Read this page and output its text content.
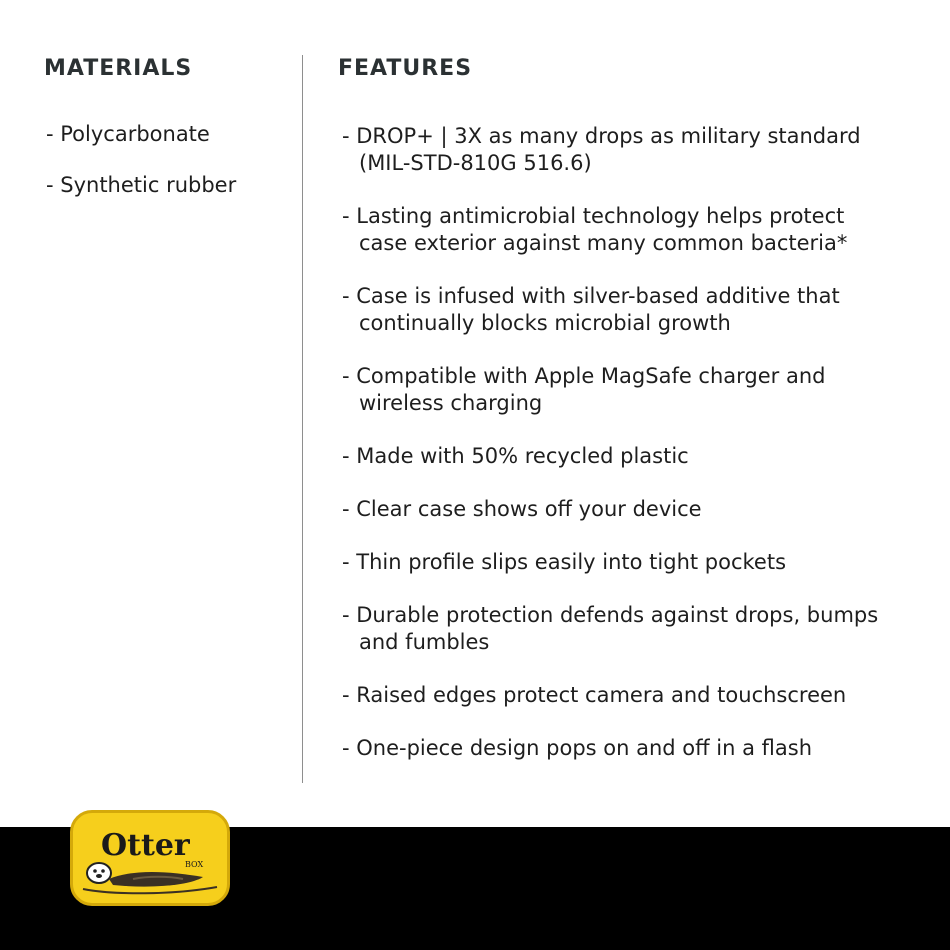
MATERIALS
- Polycarbonate
- Synthetic rubber
FEATURES
- DROP+ | 3X as many drops as military standard
(MIL-STD-810G 516.6)
- Lasting antimicrobial technology helps protect
case exterior against many common bacteria*
- Case is infused with silver-based additive that
continually blocks microbial growth
- Compatible with Apple MagSafe charger and
wireless charging
- Made with 50% recycled plastic
- Clear case shows off your device
- Thin profile slips easily into tight pockets
- Durable protection defends against drops, bumps
and fumbles
- Raised edges protect camera and touchscreen
- One-piece design pops on and off in a flash
Otter
BOX
